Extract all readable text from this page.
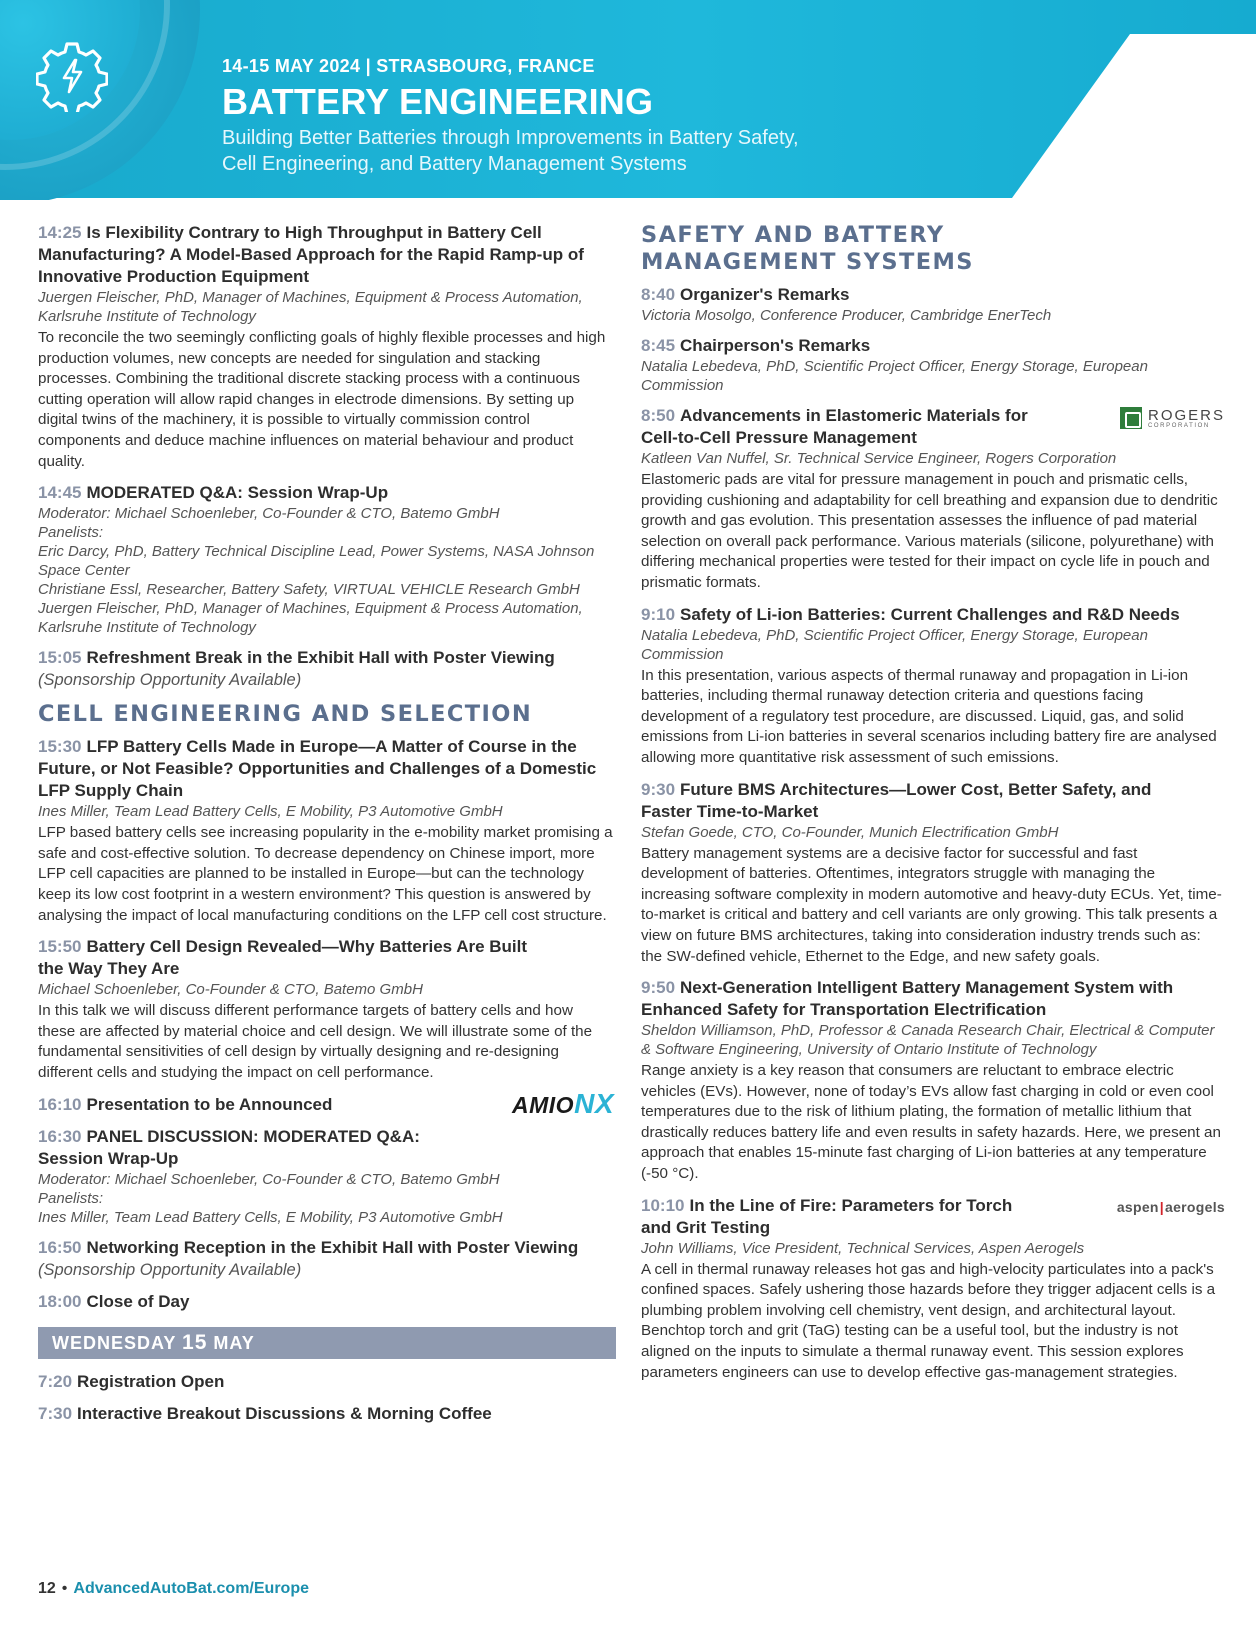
14-15 MAY 2024 | STRASBOURG, FRANCE
BATTERY ENGINEERING
Building Better Batteries through Improvements in Battery Safety,
Cell Engineering, and Battery Management Systems
14:25 Is Flexibility Contrary to High Throughput in Battery Cell Manufacturing? A Model-Based Approach for the Rapid Ramp-up of Innovative Production Equipment
Juergen Fleischer, PhD, Manager of Machines, Equipment & Process Automation, Karlsruhe Institute of Technology
To reconcile the two seemingly conflicting goals of highly flexible processes and high production volumes, new concepts are needed for singulation and stacking processes. Combining the traditional discrete stacking process with a continuous cutting operation will allow rapid changes in electrode dimensions. By setting up digital twins of the machinery, it is possible to virtually commission control components and deduce machine influences on material behaviour and product quality.
14:45 MODERATED Q&A: Session Wrap-Up
Moderator: Michael Schoenleber, Co-Founder & CTO, Batemo GmbH
Panelists:
Eric Darcy, PhD, Battery Technical Discipline Lead, Power Systems, NASA Johnson Space Center
Christiane Essl, Researcher, Battery Safety, VIRTUAL VEHICLE Research GmbH
Juergen Fleischer, PhD, Manager of Machines, Equipment & Process Automation, Karlsruhe Institute of Technology
15:05 Refreshment Break in the Exhibit Hall with Poster Viewing
(Sponsorship Opportunity Available)
CELL ENGINEERING AND SELECTION
15:30 LFP Battery Cells Made in Europe—A Matter of Course in the Future, or Not Feasible? Opportunities and Challenges of a Domestic LFP Supply Chain
Ines Miller, Team Lead Battery Cells, E Mobility, P3 Automotive GmbH
LFP based battery cells see increasing popularity in the e-mobility market promising a safe and cost-effective solution. To decrease dependency on Chinese import, more LFP cell capacities are planned to be installed in Europe—but can the technology keep its low cost footprint in a western environment? This question is answered by analysing the impact of local manufacturing conditions on the LFP cell cost structure.
15:50 Battery Cell Design Revealed—Why Batteries Are Built
the Way They Are
Michael Schoenleber, Co-Founder & CTO, Batemo GmbH
In this talk we will discuss different performance targets of battery cells and how these are affected by material choice and cell design. We will illustrate some of the fundamental sensitivities of cell design by virtually designing and re-designing different cells and studying the impact on cell performance.
16:10 Presentation to be Announced	AMIONX
16:30 PANEL DISCUSSION: MODERATED Q&A:
Session Wrap-Up
Moderator: Michael Schoenleber, Co-Founder & CTO, Batemo GmbH
Panelists:
Ines Miller, Team Lead Battery Cells, E Mobility, P3 Automotive GmbH
16:50 Networking Reception in the Exhibit Hall with Poster Viewing
(Sponsorship Opportunity Available)
18:00 Close of Day
WEDNESDAY 15 MAY
7:20 Registration Open
7:30 Interactive Breakout Discussions & Morning Coffee
SAFETY AND BATTERY
MANAGEMENT SYSTEMS
8:40 Organizer's Remarks
Victoria Mosolgo, Conference Producer, Cambridge EnerTech
8:45 Chairperson's Remarks
Natalia Lebedeva, PhD, Scientific Project Officer, Energy Storage, European Commission
8:50 Advancements in Elastomeric Materials for
Cell-to-Cell Pressure Management
ROGERS
CORPORATION
Katleen Van Nuffel, Sr. Technical Service Engineer, Rogers Corporation
Elastomeric pads are vital for pressure management in pouch and prismatic cells, providing cushioning and adaptability for cell breathing and expansion due to dendritic growth and gas evolution. This presentation assesses the influence of pad material selection on overall pack performance. Various materials (silicone, polyurethane) with differing mechanical properties were tested for their impact on cycle life in pouch and prismatic formats.
9:10 Safety of Li-ion Batteries: Current Challenges and R&D Needs
Natalia Lebedeva, PhD, Scientific Project Officer, Energy Storage, European Commission
In this presentation, various aspects of thermal runaway and propagation in Li-ion batteries, including thermal runaway detection criteria and questions facing development of a regulatory test procedure, are discussed. Liquid, gas, and solid emissions from Li-ion batteries in several scenarios including battery fire are analysed allowing more quantitative risk assessment of such emissions.
9:30 Future BMS Architectures—Lower Cost, Better Safety, and
Faster Time-to-Market
Stefan Goede, CTO, Co-Founder, Munich Electrification GmbH
Battery management systems are a decisive factor for successful and fast development of batteries. Oftentimes, integrators struggle with managing the increasing software complexity in modern automotive and heavy-duty ECUs. Yet, time-to-market is critical and battery and cell variants are only growing. This talk presents a view on future BMS architectures, taking into consideration industry trends such as: the SW-defined vehicle, Ethernet to the Edge, and new safety goals.
9:50 Next-Generation Intelligent Battery Management System with
Enhanced Safety for Transportation Electrification
Sheldon Williamson, PhD, Professor & Canada Research Chair, Electrical & Computer & Software Engineering, University of Ontario Institute of Technology
Range anxiety is a key reason that consumers are reluctant to embrace electric vehicles (EVs). However, none of today’s EVs allow fast charging in cold or even cool temperatures due to the risk of lithium plating, the formation of metallic lithium that drastically reduces battery life and even results in safety hazards. Here, we present an approach that enables 15-minute fast charging of Li-ion batteries at any temperature (-50 °C).
10:10 In the Line of Fire: Parameters for Torch
and Grit Testing
aspen|aerogels
John Williams, Vice President, Technical Services, Aspen Aerogels
A cell in thermal runaway releases hot gas and high-velocity particulates into a pack's confined spaces. Safely ushering those hazards before they trigger adjacent cells is a plumbing problem involving cell chemistry, vent design, and architectural layout. Benchtop torch and grit (TaG) testing can be a useful tool, but the industry is not aligned on the inputs to simulate a thermal runaway event. This session explores parameters engineers can use to develop effective gas-management strategies.
12 • AdvancedAutoBat.com/Europe
